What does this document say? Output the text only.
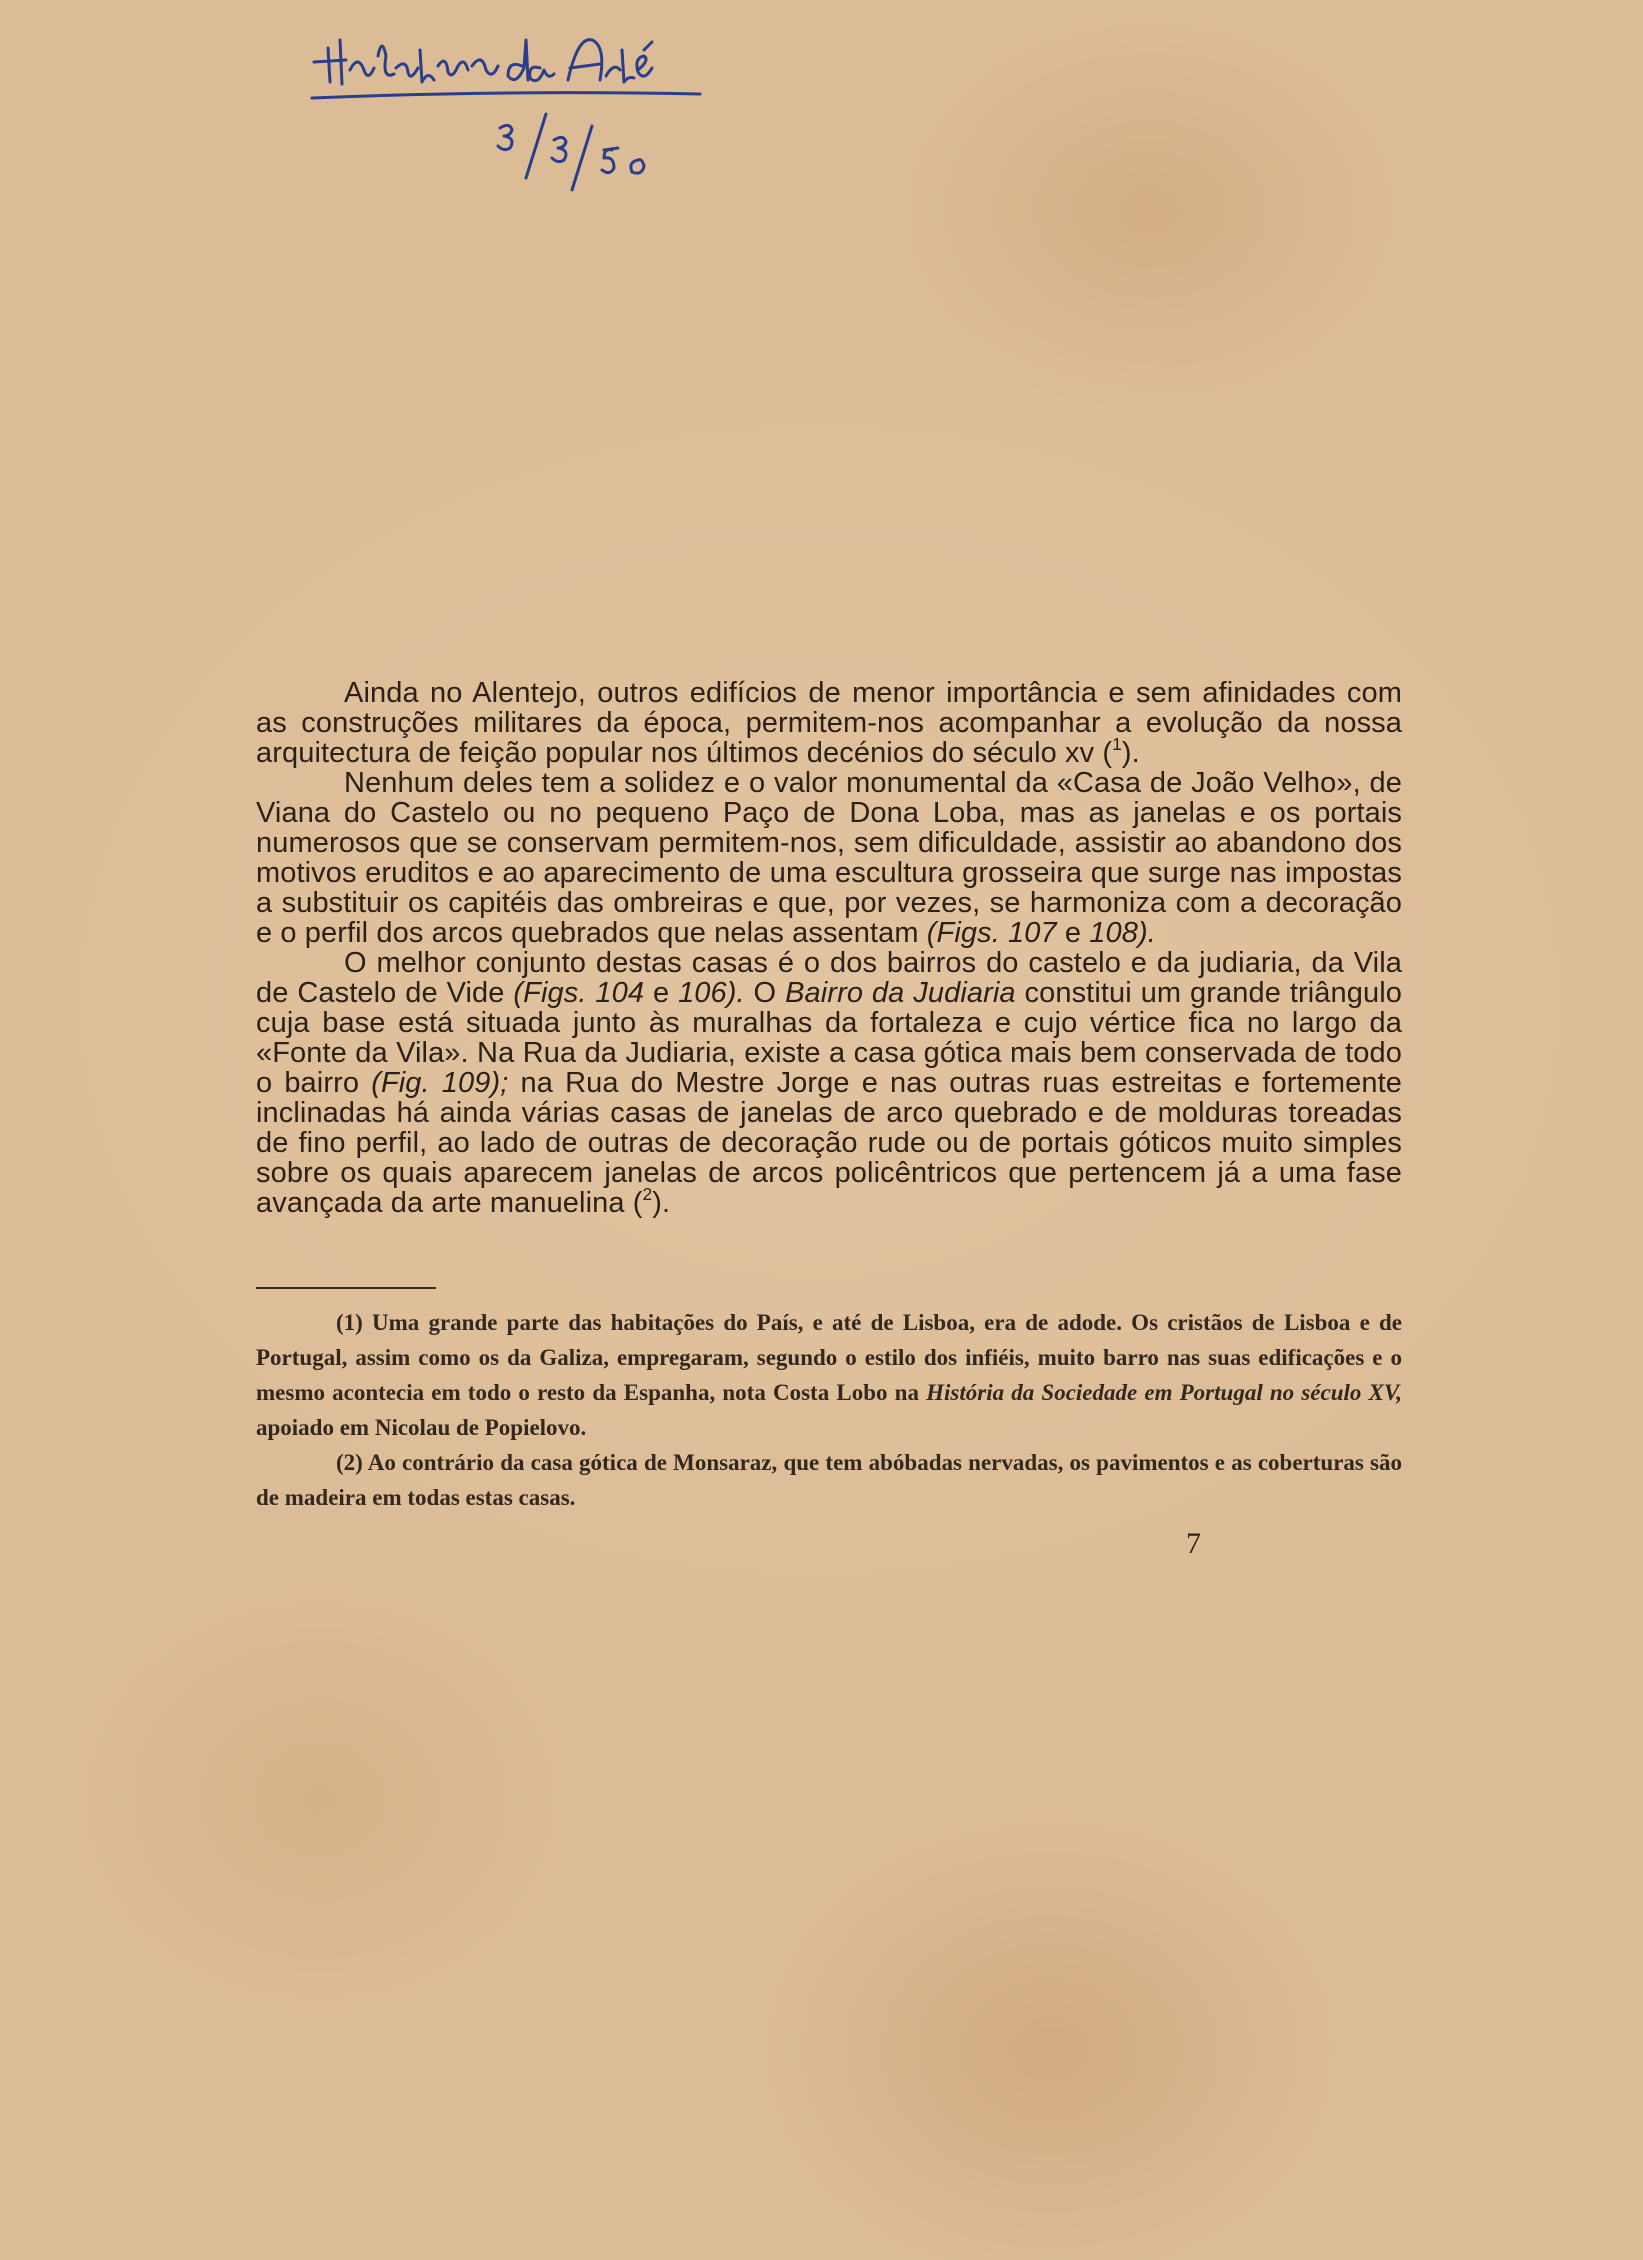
Ainda no Alentejo, outros edifícios de menor importância e sem afinidades com as construções militares da época, permitem-nos acompanhar a evolução da nossa arquitectura de feição popular nos últimos decénios do século xv ($^1$).

Nenhum deles tem a solidez e o valor monumental da «Casa de João Velho», de Viana do Castelo ou no pequeno Paço de Dona Loba, mas as janelas e os portais numerosos que se conservam permitem-nos, sem dificuldade, assistir ao abandono dos motivos eruditos e ao aparecimento de uma escultura grosseira que surge nas impostas a substituir os capitéis das ombreiras e que, por vezes, se harmoniza com a decoração e o perfil dos arcos quebrados que nelas assentam (Figs. 107 e 108).

O melhor conjunto destas casas é o dos bairros do castelo e da judiaria, da Vila de Castelo de Vide (Figs. 104 e 106). O Bairro da Judiaria constitui um grande triângulo cuja base está situada junto às muralhas da fortaleza e cujo vértice fica no largo da «Fonte da Vila». Na Rua da Judiaria, existe a casa gótica mais bem conservada de todo o bairro (Fig. 109); na Rua do Mestre Jorge e nas outras ruas estreitas e fortemente inclinadas há ainda várias casas de janelas de arco quebrado e de molduras toreadas de fino perfil, ao lado de outras de decoração rude ou de portais góticos muito simples sobre os quais aparecem janelas de arcos policêntricos que pertencem já a uma fase avançada da arte manuelina ($^2$).

(1) Uma grande parte das habitações do País, e até de Lisboa, era de adode. Os cristãos de Lisboa e de Portugal, assim como os da Galiza, empregaram, segundo o estilo dos infiéis, muito barro nas suas edificações e o mesmo acontecia em todo o resto da Espanha, nota Costa Lobo na História da Sociedade em Portugal no século XV, apoiado em Nicolau de Popielovo.

(2) Ao contrário da casa gótica de Monsaraz, que tem abóbadas nervadas, os pavimentos e as coberturas são de madeira em todas estas casas.

7
